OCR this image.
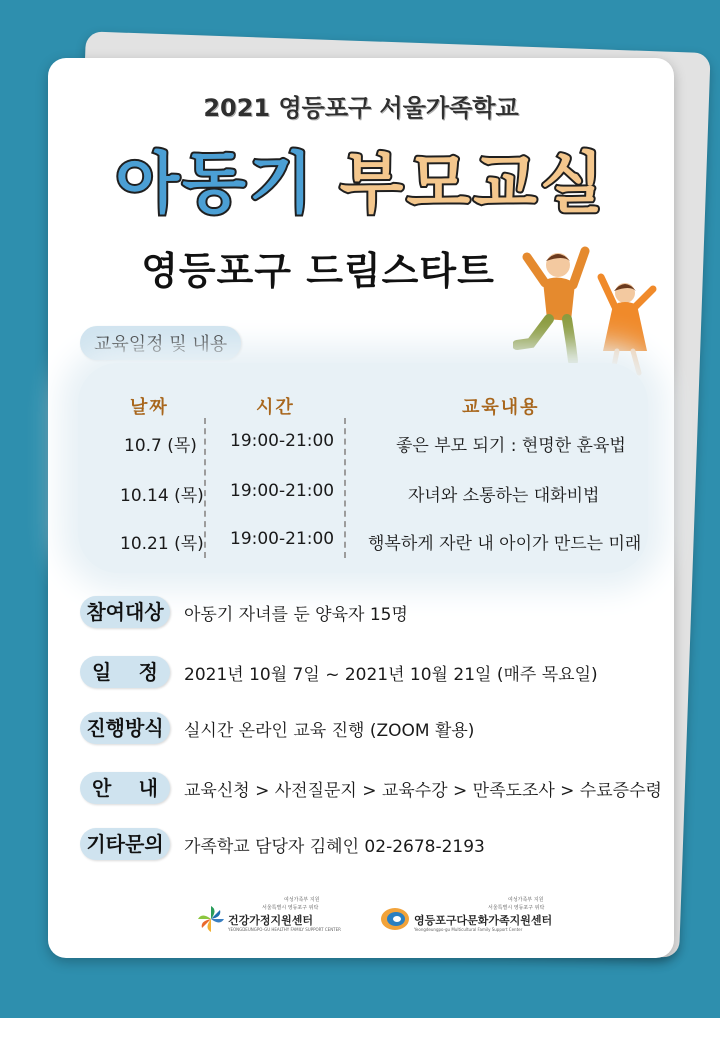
2021 영등포구 서울가족학교
아동기 부모교실
영등포구 드림스타트
교육일정 및 내용
날짜	시간	교육내용
10.7 (목) 19:00-21:00	좋은 부모 되기 : 현명한 훈육법
10.14 (목) 19:00-21:00	자녀와 소통하는 대화비법
10.21 (목) 19:00-21:00 행복하게 자란 내 아이가 만드는 미래
참여대상	아동기 자녀를 둔 양육자 15명
일 정	2021년 10월 7일 ~ 2021년 10월 21일 (매주 목요일)
진행방식	실시간 온라인 교육 진행 (ZOOM 활용)
안 내	교육신청 > 사전질문지 > 교육수강 > 만족도조사 > 수료증수령
기타문의	가족학교 담당자 김혜인 02-2678-2193
여성가족부 지원
서울특별시 영등포구 위탁
건강가정지원센터
YEONGDEUNGPO-GU HEALTHY FAMILY SUPPORT CENTER
여성가족부 지원
서울특별시 영등포구 위탁
영등포구다문화가족지원센터
Yeongdeungpo-gu Multicultural Family Support Center
